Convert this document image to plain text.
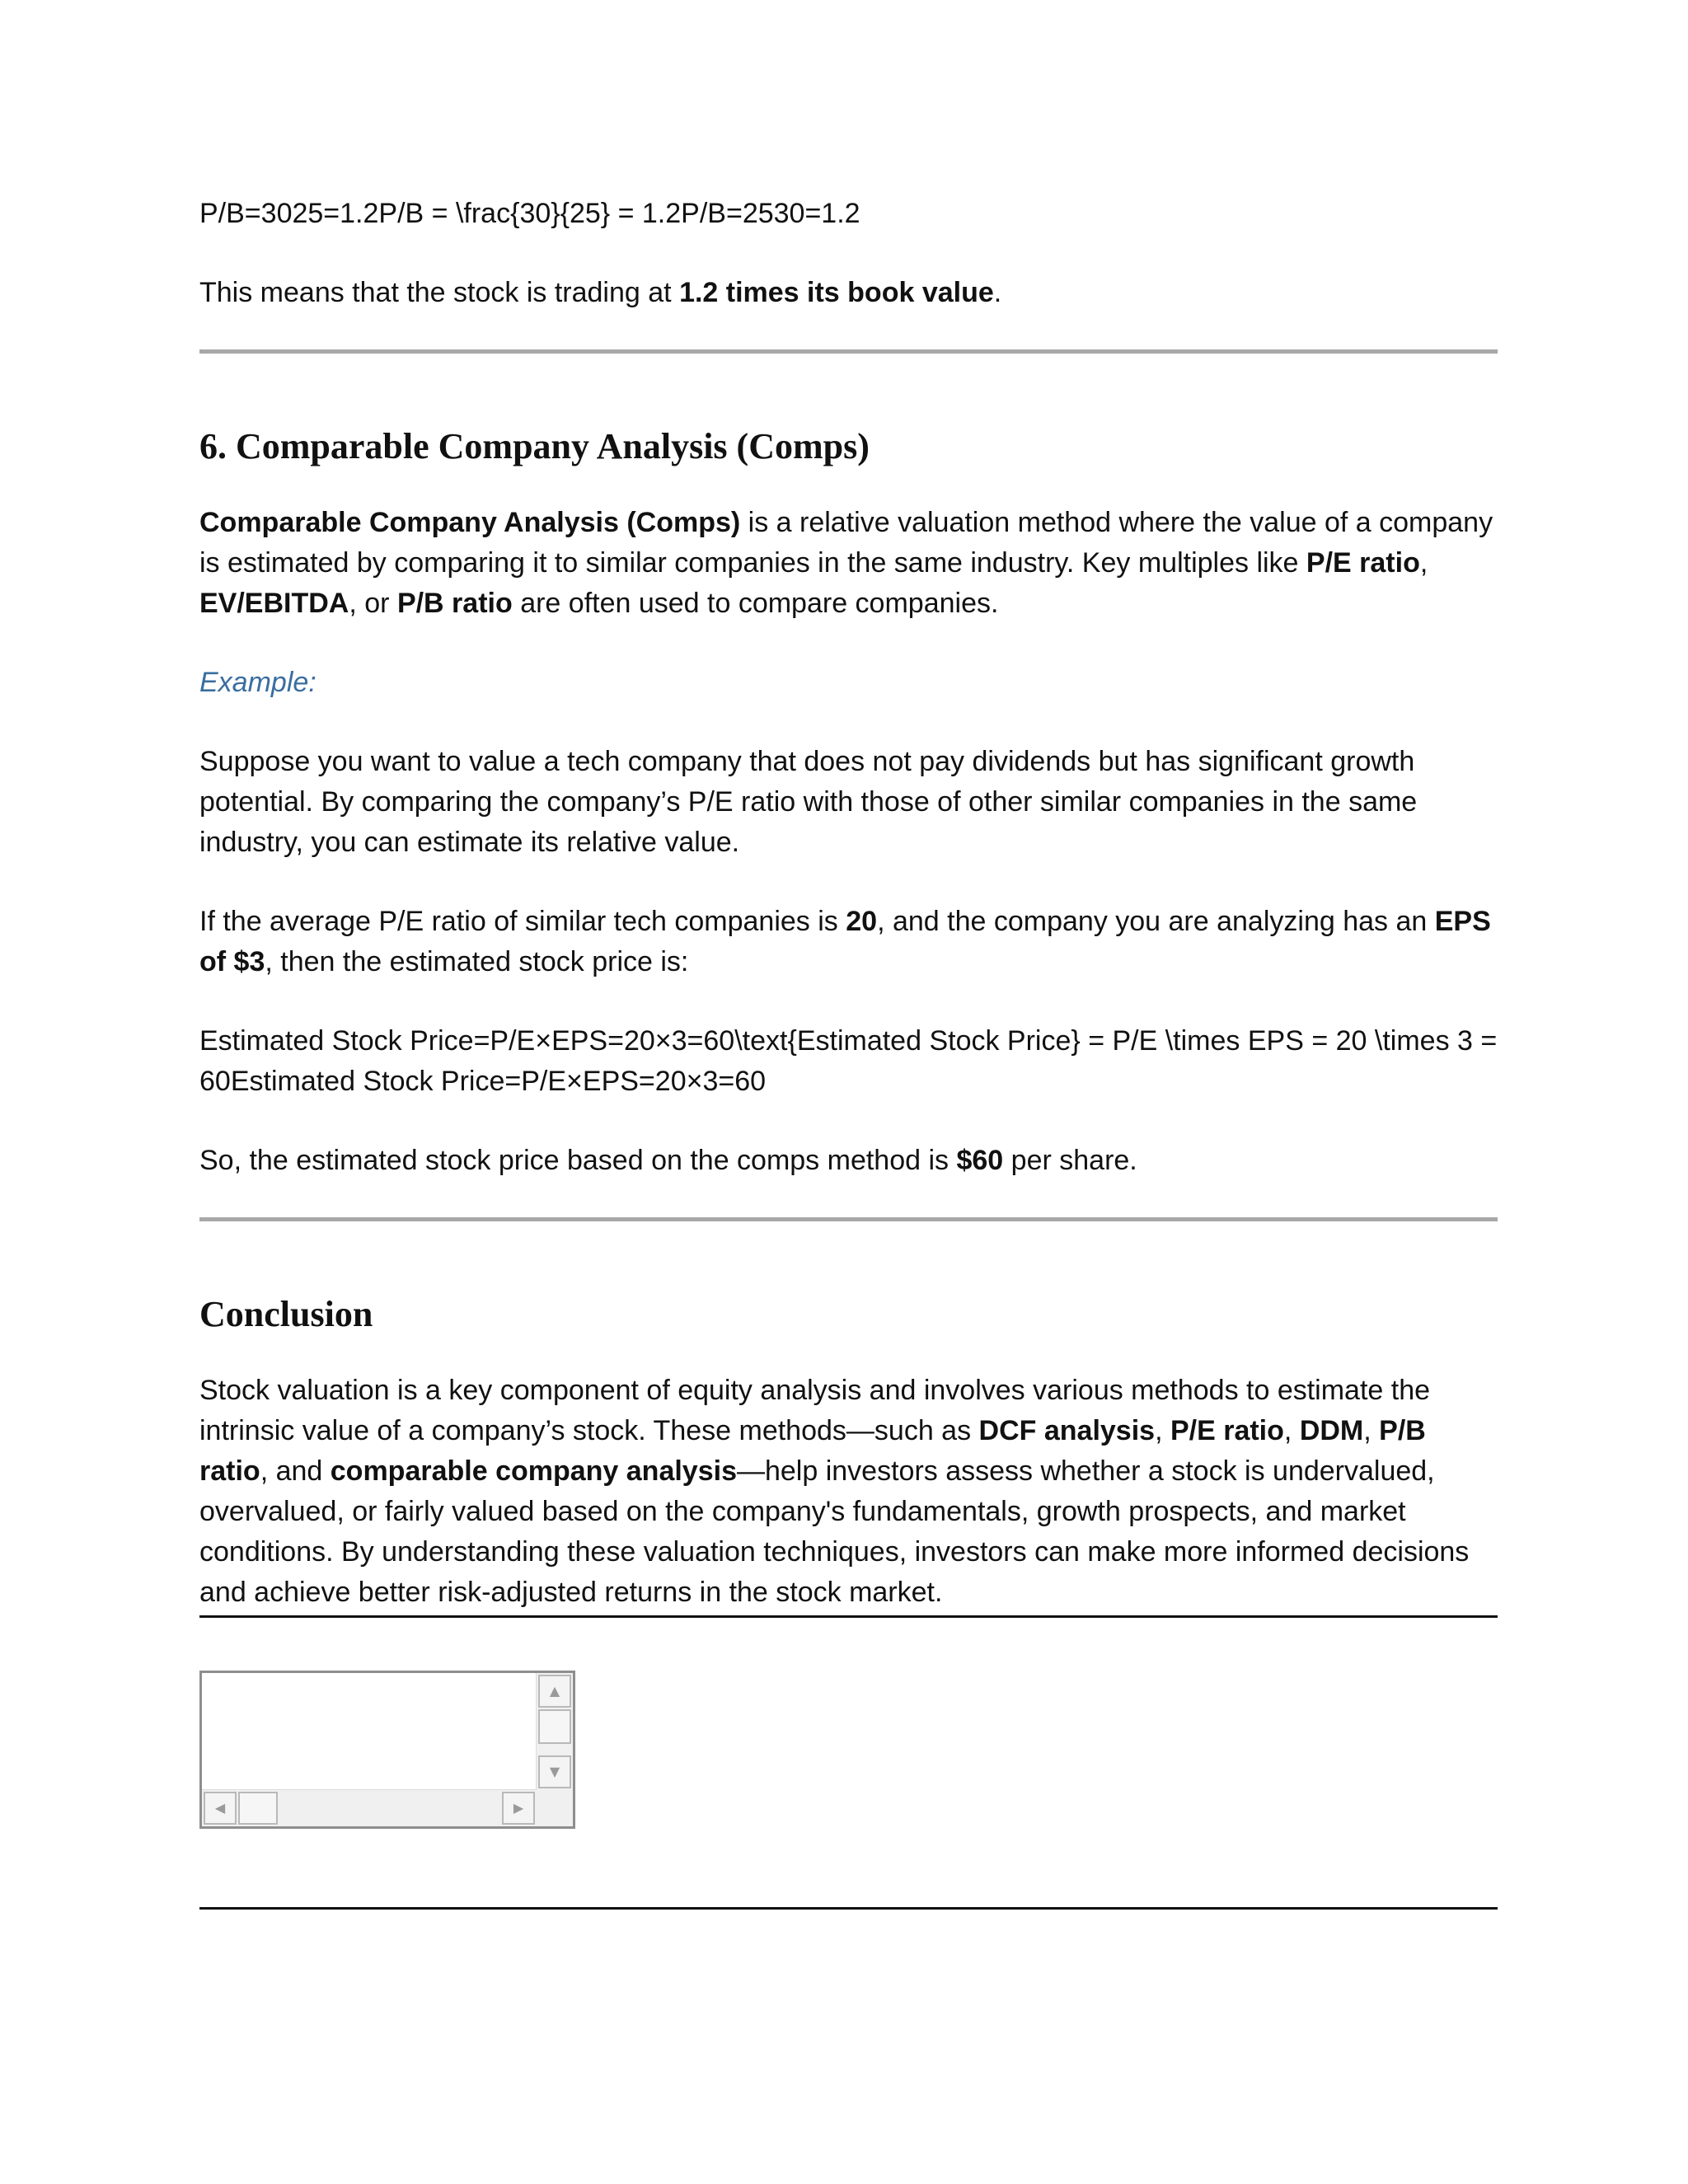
P/B=3025=1.2P/B = \frac{30}{25} = 1.2P/B=2530=1.2

This means that the stock is trading at 1.2 times its book value.

6. Comparable Company Analysis (Comps)

Comparable Company Analysis (Comps) is a relative valuation method where the value of a company is estimated by comparing it to similar companies in the same industry. Key multiples like P/E ratio, EV/EBITDA, or P/B ratio are often used to compare companies.

Example:

Suppose you want to value a tech company that does not pay dividends but has significant growth potential. By comparing the company’s P/E ratio with those of other similar companies in the same industry, you can estimate its relative value.

If the average P/E ratio of similar tech companies is 20, and the company you are analyzing has an EPS of $3, then the estimated stock price is:

Estimated Stock Price=P/E×EPS=20×3=60\text{Estimated Stock Price} = P/E \times EPS = 20 \times 3 = 60Estimated Stock Price=P/E×EPS=20×3=60

So, the estimated stock price based on the comps method is $60 per share.

Conclusion

Stock valuation is a key component of equity analysis and involves various methods to estimate the intrinsic value of a company’s stock. These methods—such as DCF analysis, P/E ratio, DDM, P/B ratio, and comparable company analysis—help investors assess whether a stock is undervalued, overvalued, or fairly valued based on the company's fundamentals, growth prospects, and market conditions. By understanding these valuation techniques, investors can make more informed decisions and achieve better risk-adjusted returns in the stock market.

▲
▼
◀	▶
